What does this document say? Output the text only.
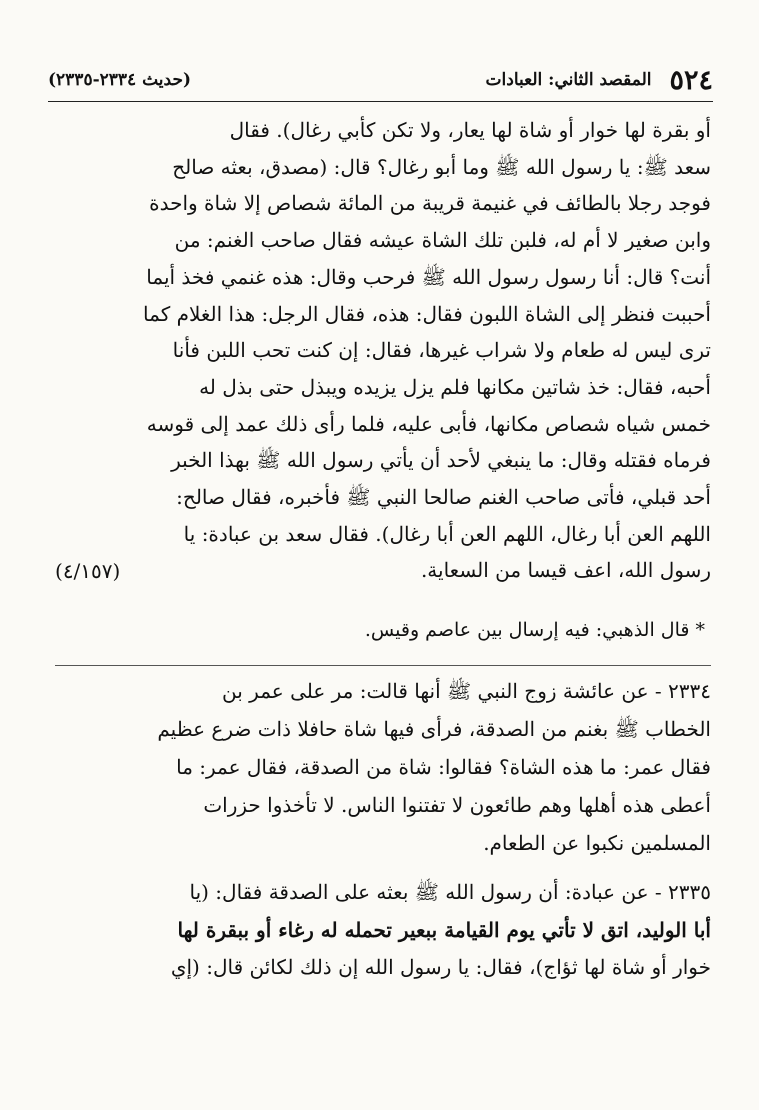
٥٢٤
المقصد الثاني: العبادات
(حديث ٢٣٣٤-٢٣٣٥)

أو بقرة لها خوار أو شاة لها يعار، ولا تكن كأبي رغال). فقال

سعد ﷺ: يا رسول الله ﷺ وما أبو رغال؟ قال: (مصدق، بعثه صالح

فوجد رجلا بالطائف في غنيمة قريبة من المائة شصاص إلا شاة واحدة

وابن صغير لا أم له، فلبن تلك الشاة عيشه فقال صاحب الغنم: من

أنت؟ قال: أنا رسول رسول الله ﷺ فرحب وقال: هذه غنمي فخذ أيما

أحببت فنظر إلى الشاة اللبون فقال: هذه، فقال الرجل: هذا الغلام كما

ترى ليس له طعام ولا شراب غيرها، فقال: إن كنت تحب اللبن فأنا

أحبه، فقال: خذ شاتين مكانها فلم يزل يزيده ويبذل حتى بذل له

خمس شياه شصاص مكانها، فأبى عليه، فلما رأى ذلك عمد إلى قوسه

فرماه فقتله وقال: ما ينبغي لأحد أن يأتي رسول الله ﷺ بهذا الخبر

أحد قبلي، فأتى صاحب الغنم صالحا النبي ﷺ فأخبره، فقال صالح:

اللهم العن أبا رغال، اللهم العن أبا رغال). فقال سعد بن عبادة: يا

رسول الله، اعف قيسا من السعاية.
(٤/١٥٧)

* قال الذهبي: فيه إرسال بين عاصم وقيس.

٢٣٣٤ - عن عائشة زوج النبي ﷺ أنها قالت: مر على عمر بن

الخطاب ﷺ بغنم من الصدقة، فرأى فيها شاة حافلا ذات ضرع عظيم

فقال عمر: ما هذه الشاة؟ فقالوا: شاة من الصدقة، فقال عمر: ما

أعطى هذه أهلها وهم طائعون لا تفتنوا الناس. لا تأخذوا حزرات

المسلمين نكبوا عن الطعام.

٢٣٣٥ - عن عبادة: أن رسول الله ﷺ بعثه على الصدقة فقال: (يا

أبا الوليد، اتق لا تأتي يوم القيامة ببعير تحمله له رغاء أو ببقرة لها

خوار أو شاة لها ثؤاج)، فقال: يا رسول الله إن ذلك لكائن قال: (إي
